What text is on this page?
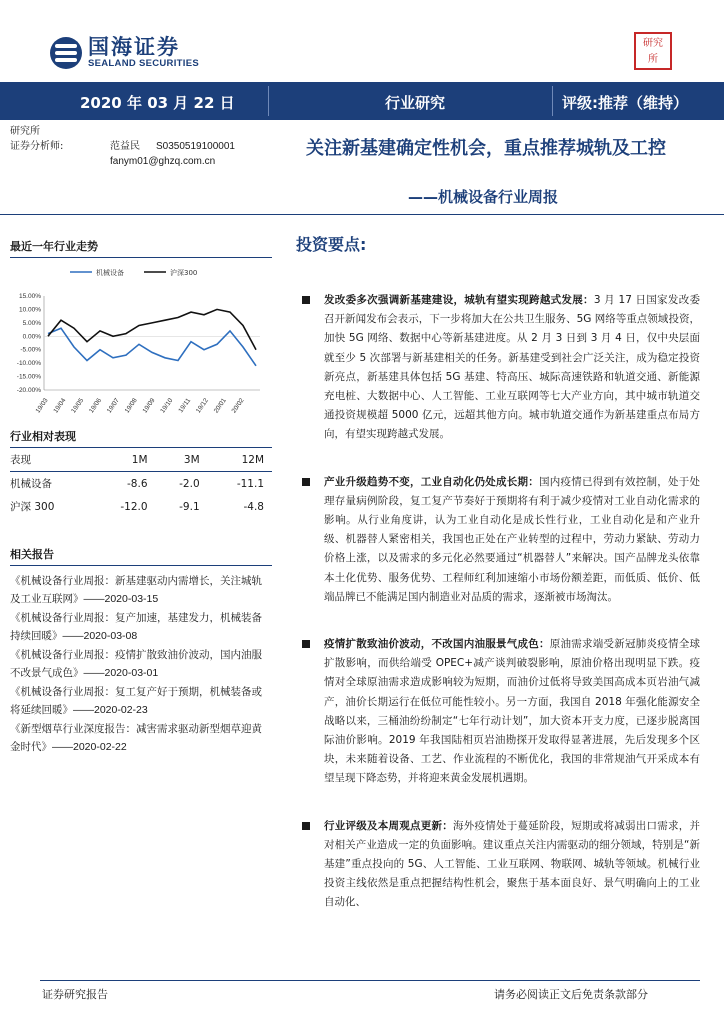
国海证券
SEALAND SECURITIES
研究
所
2020 年 03 月 22 日	行业研究	评级:推荐（维持）
研究所
证券分析师:	范益民	S0350519100001
fanym01@ghzq.com.cn
关注新基建确定性机会，重点推荐城轨及工控
——机械设备行业周报
最近一年行业走势
机械设备	沪深300
15.00%
10.00%
5.00%
0.00%
-5.00%
-10.00%
-15.00%
-20.00%
19/03 19/04 19/05 19/06 19/07 19/08 19/09 19/10 19/11 19/12 20/01 20/02
行业相对表现
表现	1M	3M	12M
机械设备	-8.6	-2.0	-11.1
沪深 300	-12.0	-9.1	-4.8
相关报告
《机械设备行业周报：新基建驱动内需增长，关注城轨及工业互联网》——2020-03-15
《机械设备行业周报：复产加速，基建发力，机械装备持续回暖》——2020-03-08
《机械设备行业周报：疫情扩散致油价波动，国内油服不改景气成色》——2020-03-01
《机械设备行业周报：复工复产好于预期，机械装备或将延续回暖》——2020-02-23
《新型烟草行业深度报告：减害需求驱动新型烟草迎黄金时代》——2020-02-22
投资要点:
发改委多次强调新基建建设，城轨有望实现跨越式发展：3 月 17 日国家发改委召开新闻发布会表示，下一步将加大在公共卫生服务、5G 网络等重点领域投资，加快 5G 网络、数据中心等新基建进度。从 2 月 3 日到 3 月 4 日，仅中央层面就至少 5 次部署与新基建相关的任务。新基建受到社会广泛关注，成为稳定投资新亮点，新基建具体包括 5G 基建、特高压、城际高速铁路和轨道交通、新能源充电桩、大数据中心、人工智能、工业互联网等七大产业方向，其中城市轨道交通投资规模超 5000 亿元，远超其他方向。城市轨道交通作为新基建重点布局方向，有望实现跨越式发展。
产业升级趋势不变，工业自动化仍处成长期：国内疫情已得到有效控制，处于处理存量病例阶段，复工复产节奏好于预期将有利于减少疫情对工业自动化需求的影响。从行业角度讲，认为工业自动化是成长性行业，工业自动化是和产业升级、机器替人紧密相关，我国也正处在产业转型的过程中，劳动力紧缺、劳动力价格上涨，以及需求的多元化必然要通过“机器替人”来解决。国产品牌龙头依靠本土化优势、服务优势、工程师红利加速缩小市场份额差距，而低质、低价、低端品牌已不能满足国内制造业对品质的需求，逐渐被市场淘汰。
疫情扩散致油价波动，不改国内油服景气成色：原油需求端受新冠肺炎疫情全球扩散影响，而供给端受 OPEC+减产谈判破裂影响，原油价格出现明显下跌。疫情对全球原油需求造成影响较为短期，而油价过低将导致美国高成本页岩油气减产，油价长期运行在低位可能性较小。另一方面，我国自 2018 年强化能源安全战略以来，三桶油纷纷制定“七年行动计划”，加大资本开支力度，已逐步脱离国际油价影响。2019 年我国陆相页岩油勘探开发取得显著进展，先后发现多个区块，未来随着设备、工艺、作业流程的不断优化，我国的非常规油气开采成本有望呈现下降态势，并将迎来黄金发展机遇期。
行业评级及本周观点更新：海外疫情处于蔓延阶段，短期或将减弱出口需求，并对相关产业造成一定的负面影响。建议重点关注内需驱动的细分领域，特别是“新基建”重点投向的 5G、人工智能、工业互联网、物联网、城轨等领域。机械行业投资主线依然是重点把握结构性机会，聚焦于基本面良好、景气明确向上的工业自动化、
证券研究报告	请务必阅读正文后免责条款部分
